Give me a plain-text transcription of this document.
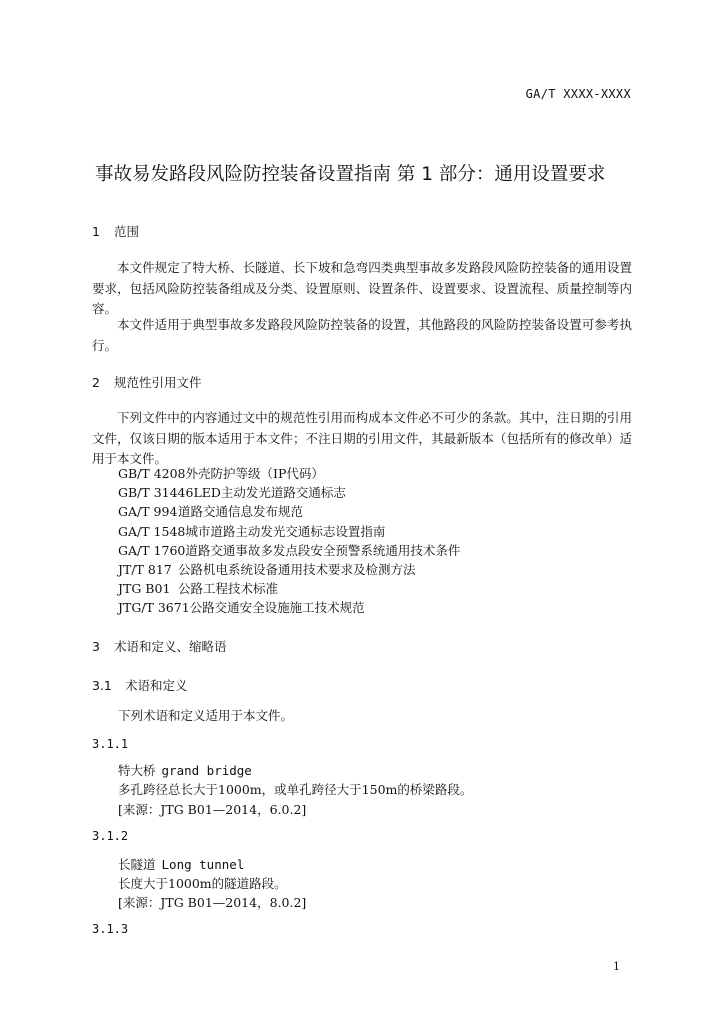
GA/T XXXX-XXXX
事故易发路段风险防控装备设置指南 第 1 部分：通用设置要求
1 范围
本文件规定了特大桥、长隧道、长下坡和急弯四类典型事故多发路段风险防控装备的通用设置要求，包括风险防控装备组成及分类、设置原则、设置条件、设置要求、设置流程、质量控制等内容。
本文件适用于典型事故多发路段风险防控装备的设置，其他路段的风险防控装备设置可参考执行。
2 规范性引用文件
下列文件中的内容通过文中的规范性引用而构成本文件必不可少的条款。其中，注日期的引用文件，仅该日期的版本适用于本文件；不注日期的引用文件，其最新版本（包括所有的修改单）适用于本文件。
GB/T 4208外壳防护等级（IP代码）
GB/T 31446LED主动发光道路交通标志
GA/T 994道路交通信息发布规范
GA/T 1548城市道路主动发光交通标志设置指南
GA/T 1760道路交通事故多发点段安全预警系统通用技术条件
JT/T 817 公路机电系统设备通用技术要求及检测方法
JTG B01 公路工程技术标准
JTG/T 3671公路交通安全设施施工技术规范
3 术语和定义、缩略语
3.1 术语和定义
下列术语和定义适用于本文件。
3.1.1
特大桥 grand bridge
多孔跨径总长大于1000m，或单孔跨径大于150m的桥梁路段。
[来源：JTG B01—2014，6.0.2]
3.1.2
长隧道 Long tunnel
长度大于1000m的隧道路段。
[来源：JTG B01—2014，8.0.2]
3.1.3
1
